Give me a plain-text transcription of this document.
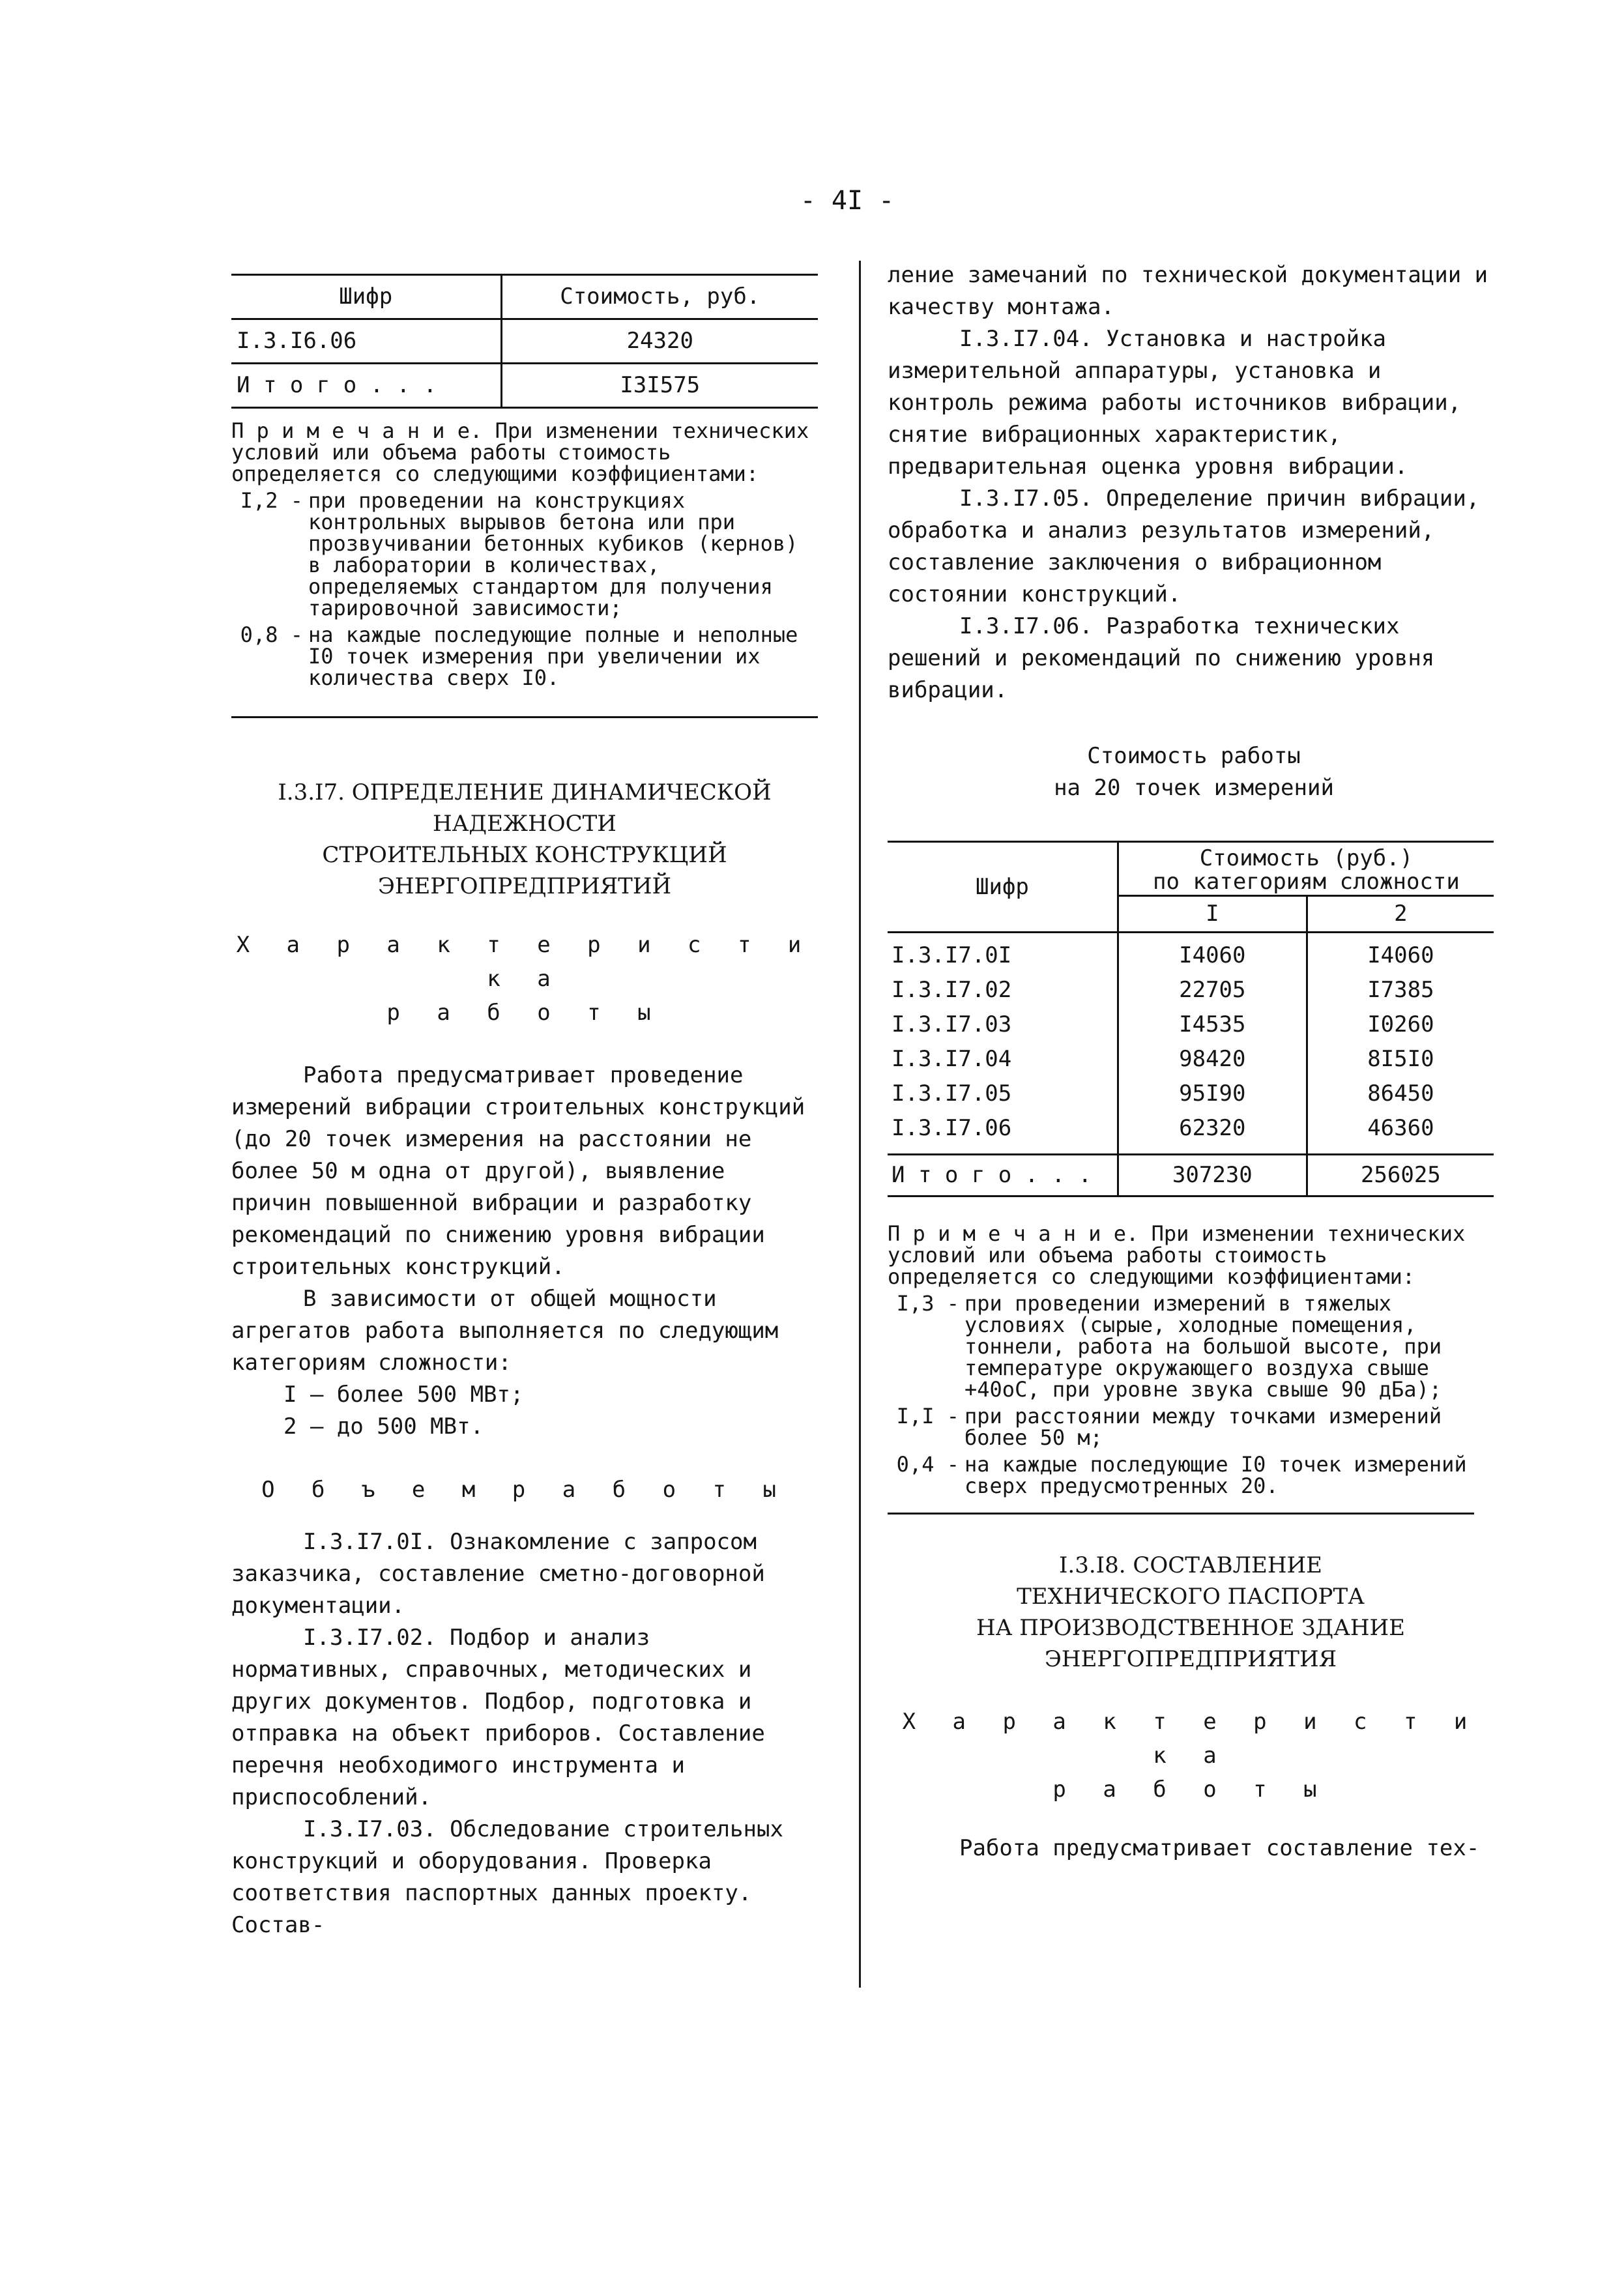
- 4I -
Шифр	Стоимость, руб.
I.3.I6.06	24320
И т о г о . . .	I3I575

П р и м е ч а н и е. При изменении технических условий или объема работы стоимость определяется со следующими коэффициентами:

I,2 - при проведении на конструкциях контрольных вырывов бетона или при прозвучивании бетонных кубиков (кернов) в лаборатории в количествах, определяемых стандартом для получения тарировочной зависимости;
0,8 - на каждые последующие полные и неполные I0 точек измерения при увеличении их количества сверх I0.
I.3.I7. ОПРЕДЕЛЕНИЕ ДИНАМИЧЕСКОЙ
НАДЕЖНОСТИ
СТРОИТЕЛЬНЫХ КОНСТРУКЦИЙ
ЭНЕРГОПРЕДПРИЯТИЙ
Х а р а к т е р и с т и к а
р а б о т ы

Работа предусматривает проведение измерений вибрации строительных конструкций (до 20 точек измерения на расстоянии не более 50 м одна от другой), выявление причин повышенной вибрации и разработку рекомендаций по снижению уровня вибрации строительных конструкций.

В зависимости от общей мощности агрегатов работа выполняется по следующим категориям сложности:

I – более 500 МВт;

2 – до 500 МВт.

О б ъ е м р а б о т ы

I.3.I7.0I. Ознакомление с запросом заказчика, составление сметно-договорной документации.

I.3.I7.02. Подбор и анализ нормативных, справочных, методических и других документов. Подбор, подготовка и отправка на объект приборов. Составление перечня необходимого инструмента и приспособлений.

I.3.I7.03. Обследование строительных конструкций и оборудования. Проверка соответствия паспортных данных проекту. Состав-

ление замечаний по технической документации и качеству монтажа.

I.3.I7.04. Установка и настройка измерительной аппаратуры, установка и контроль режима работы источников вибрации, снятие вибрационных характеристик, предварительная оценка уровня вибрации.

I.3.I7.05. Определение причин вибрации, обработка и анализ результатов измерений, составление заключения о вибрационном состоянии конструкций.

I.3.I7.06. Разработка технических решений и рекомендаций по снижению уровня вибрации.

Стоимость работы
на 20 точек измерений
Шифр	Стоимость (руб.)
по категориям сложности	

	I	2
I.3.I7.0I	I4060	I4060
I.3.I7.02	22705	I7385
I.3.I7.03	I4535	I0260
I.3.I7.04	98420	8I5I0
I.3.I7.05	95I90	86450
I.3.I7.06	62320	46360
И т о г о . . .	307230	256025

П р и м е ч а н и е. При изменении технических условий или объема работы стоимость определяется со следующими коэффициентами:

I,3 - при проведении измерений в тяжелых условиях (сырые, холодные помещения, тоннели, работа на большой высоте, при температуре окружающего воздуха свыше +40оС, при уровне звука свыше 90 дБа);
I,I - при расстоянии между точками измерений более 50 м;
0,4 - на каждые последующие I0 точек измерений сверх предусмотренных 20.
I.3.I8. СОСТАВЛЕНИЕ
ТЕХНИЧЕСКОГО ПАСПОРТА
НА ПРОИЗВОДСТВЕННОЕ ЗДАНИЕ
ЭНЕРГОПРЕДПРИЯТИЯ
Х а р а к т е р и с т и к а
р а б о т ы

Работа предусматривает составление тех-
